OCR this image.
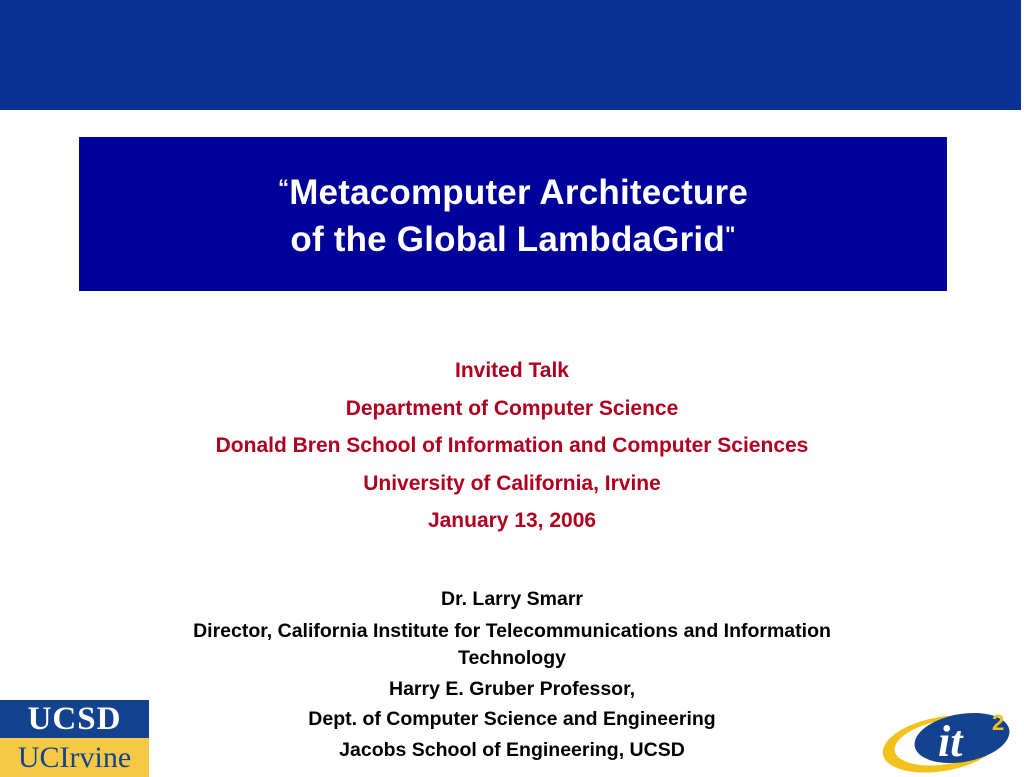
“Metacomputer Architecture
of the Global LambdaGrid"
Invited Talk
Department of Computer Science
Donald Bren School of Information and Computer Sciences
University of California, Irvine
January 13, 2006
Dr. Larry Smarr
Director, California Institute for Telecommunications and Information Technology
Harry E. Gruber Professor,
Dept. of Computer Science and Engineering
Jacobs School of Engineering, UCSD
UCSD
UCIrvine	it 2
